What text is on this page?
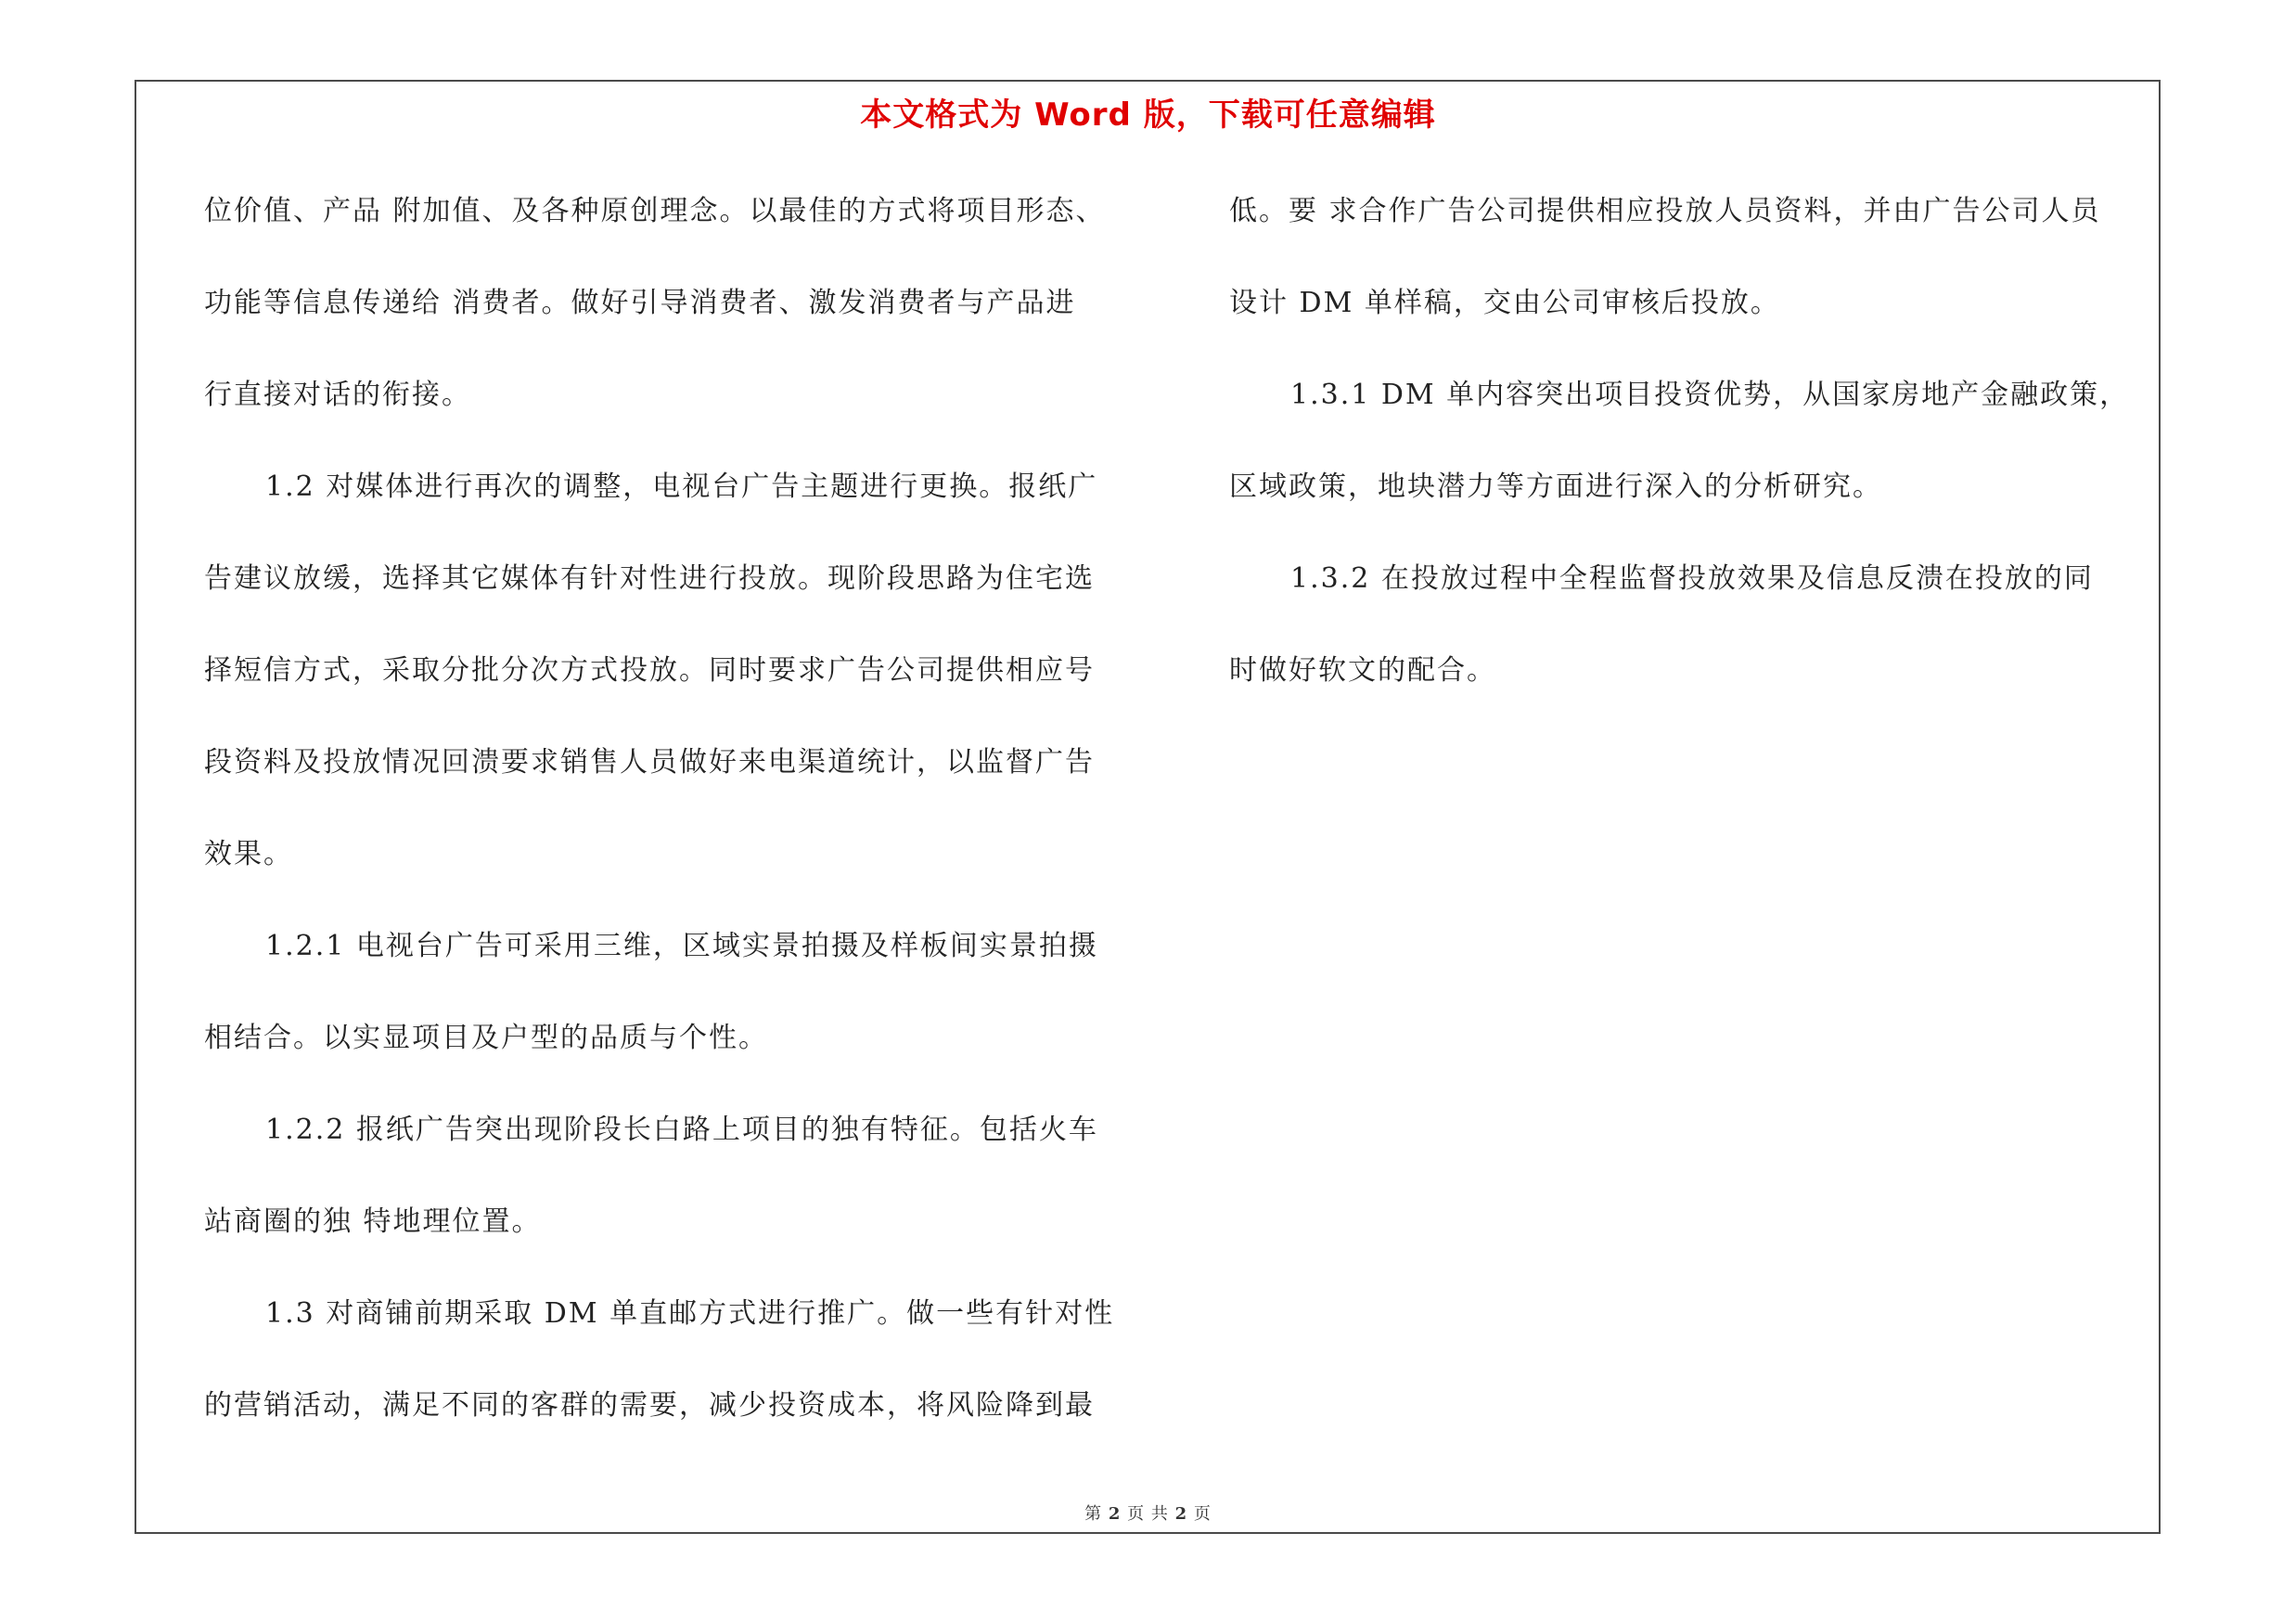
本文格式为 Word 版，下载可任意编辑
位价值、产品 附加值、及各种原创理念。以最佳的方式将项目形态、
功能等信息传递给 消费者。做好引导消费者、激发消费者与产品进
行直接对话的衔接。
1.2 对媒体进行再次的调整，电视台广告主题进行更换。报纸广
告建议放缓，选择其它媒体有针对性进行投放。现阶段思路为住宅选
择短信方式，采取分批分次方式投放。同时要求广告公司提供相应号
段资料及投放情况回溃要求销售人员做好来电渠道统计，以监督广告
效果。
1.2.1 电视台广告可采用三维，区域实景拍摄及样板间实景拍摄
相结合。以实显项目及户型的品质与个性。
1.2.2 报纸广告突出现阶段长白路上项目的独有特征。包括火车
站商圈的独 特地理位置。
1.3 对商铺前期采取 DM 单直邮方式进行推广。做一些有针对性
的营销活动，满足不同的客群的需要，减少投资成本，将风险降到最
低。要 求合作广告公司提供相应投放人员资料，并由广告公司人员
设计 DM 单样稿，交由公司审核后投放。
1.3.1 DM 单内容突出项目投资优势，从国家房地产金融政策，
区域政策，地块潜力等方面进行深入的分析研究。
1.3.2 在投放过程中全程监督投放效果及信息反溃在投放的同
时做好软文的配合。
第 2 页 共 2 页
